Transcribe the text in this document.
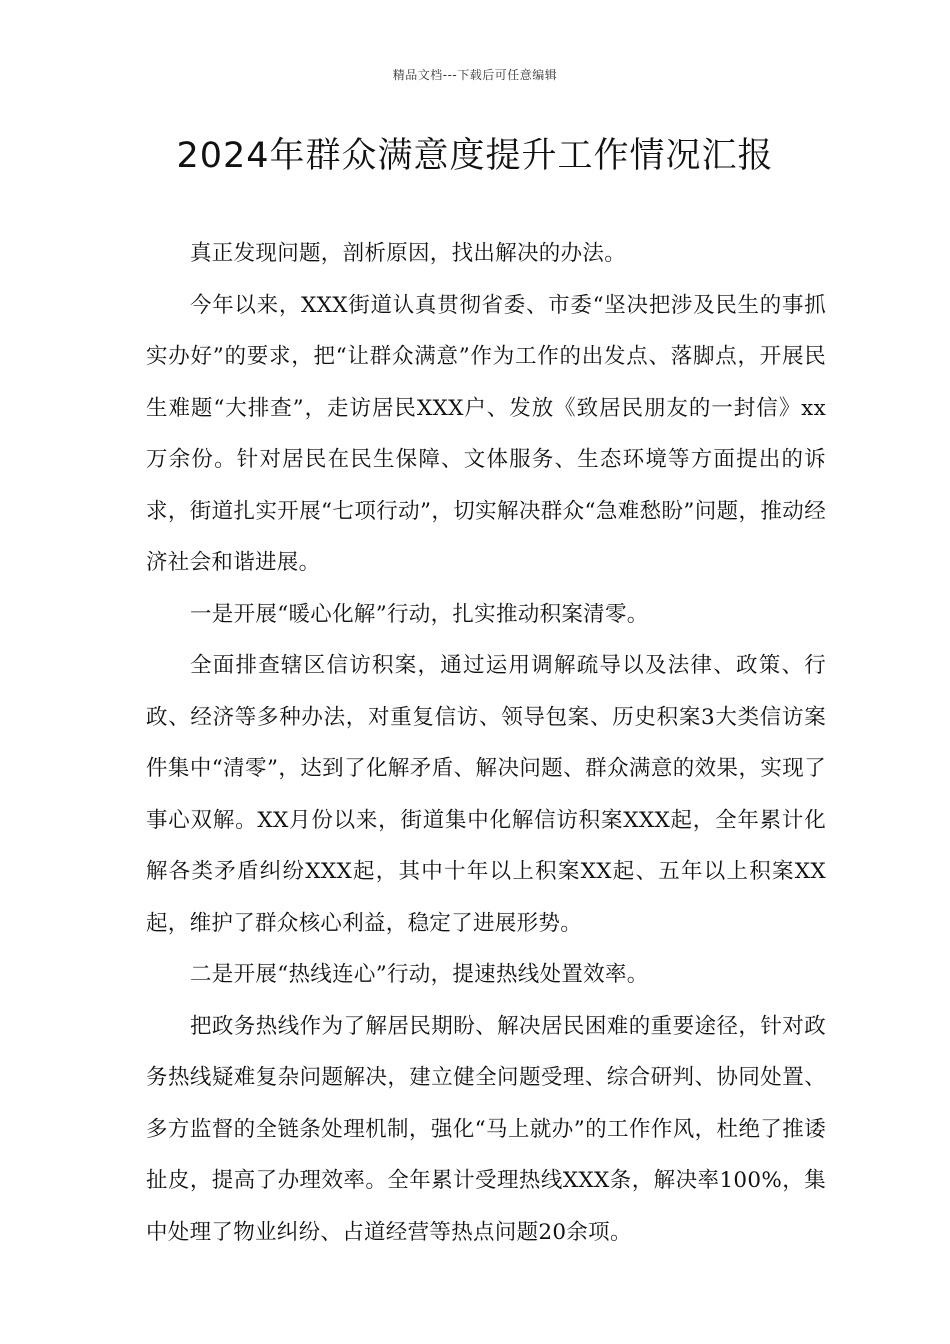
精品文档---下载后可任意编辑
2024年群众满意度提升工作情况汇报

真正发现问题，剖析原因，找出解决的办法。

今年以来，XXX街道认真贯彻省委、市委“坚决把涉及民生的事抓实办好”的要求，把“让群众满意”作为工作的出发点、落脚点，开展民生难题“大排查”，走访居民XXX户、发放《致居民朋友的一封信》xx万余份。针对居民在民生保障、文体服务、生态环境等方面提出的诉求，街道扎实开展“七项行动”，切实解决群众“急难愁盼”问题，推动经济社会和谐进展。

一是开展“暖心化解”行动，扎实推动积案清零。

全面排查辖区信访积案，通过运用调解疏导以及法律、政策、行政、经济等多种办法，对重复信访、领导包案、历史积案3大类信访案件集中“清零”，达到了化解矛盾、解决问题、群众满意的效果，实现了事心双解。XX月份以来，街道集中化解信访积案XXX起，全年累计化解各类矛盾纠纷XXX起，其中十年以上积案XX起、五年以上积案XX起，维护了群众核心利益，稳定了进展形势。

二是开展“热线连心”行动，提速热线处置效率。

把政务热线作为了解居民期盼、解决居民困难的重要途径，针对政务热线疑难复杂问题解决，建立健全问题受理、综合研判、协同处置、多方监督的全链条处理机制，强化“马上就办”的工作作风，杜绝了推诿扯皮，提高了办理效率。全年累计受理热线XXX条，解决率100%，集中处理了物业纠纷、占道经营等热点问题20余项。
